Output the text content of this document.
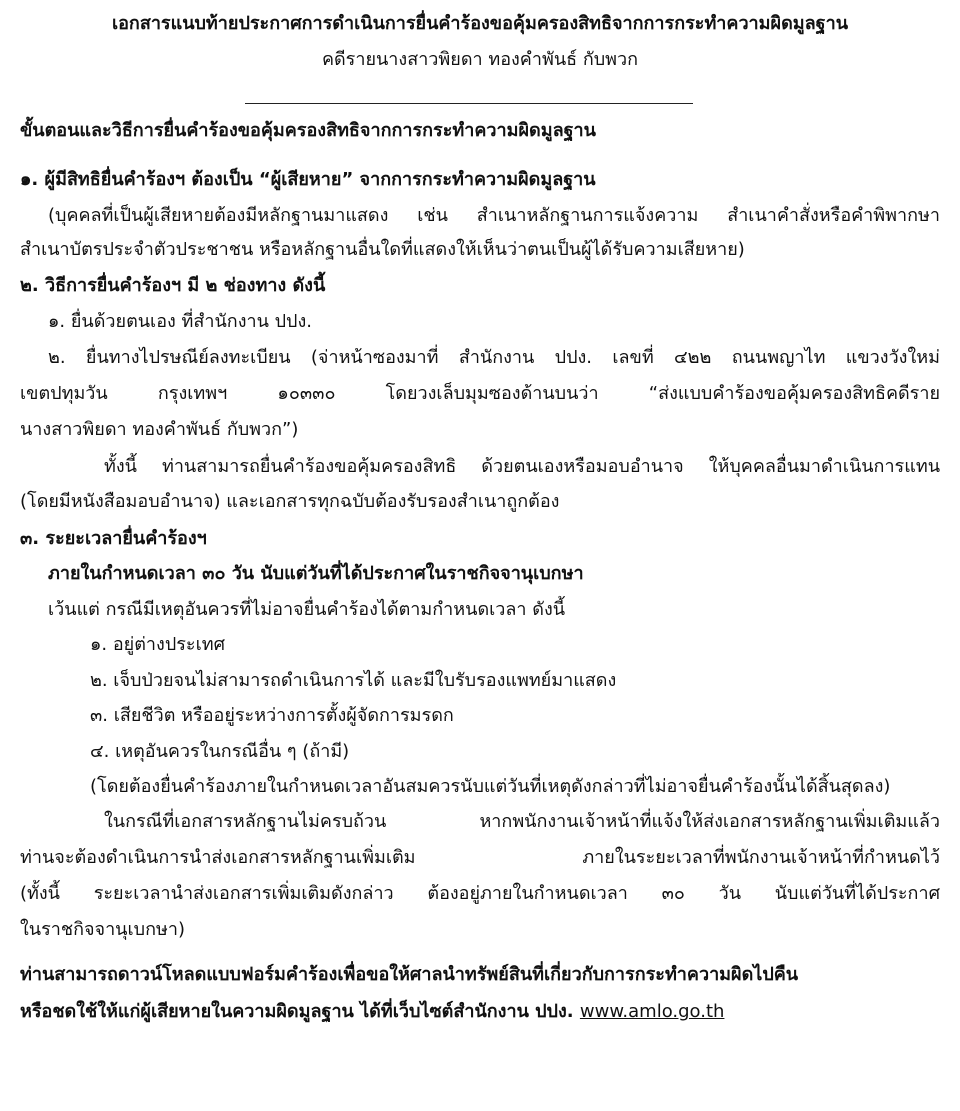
เอกสารแนบท้ายประกาศการดำเนินการยื่นคำร้องขอคุ้มครองสิทธิจากการกระทำความผิดมูลฐาน
คดีรายนางสาวพิยดา ทองคำพันธ์ กับพวก
ขั้นตอนและวิธีการยื่นคำร้องขอคุ้มครองสิทธิจากการกระทำความผิดมูลฐาน
๑. ผู้มีสิทธิยื่นคำร้องฯ ต้องเป็น “ผู้เสียหาย” จากการกระทำความผิดมูลฐาน
(บุคคลที่เป็นผู้เสียหายต้องมีหลักฐานมาแสดง เช่น สำเนาหลักฐานการแจ้งความ สำเนาคำสั่งหรือคำพิพากษา
สำเนาบัตรประจำตัวประชาชน หรือหลักฐานอื่นใดที่แสดงให้เห็นว่าตนเป็นผู้ได้รับความเสียหาย)
๒. วิธีการยื่นคำร้องฯ มี ๒ ช่องทาง ดังนี้
๑. ยื่นด้วยตนเอง ที่สำนักงาน ปปง.
๒. ยื่นทางไปรษณีย์ลงทะเบียน (จ่าหน้าซองมาที่ สำนักงาน ปปง. เลขที่ ๔๒๒ ถนนพญาไท แขวงวังใหม่
เขตปทุมวัน กรุงเทพฯ ๑๐๓๓๐ โดยวงเล็บมุมซองด้านบนว่า “ส่งแบบคำร้องขอคุ้มครองสิทธิคดีราย
นางสาวพิยดา ทองคำพันธ์ กับพวก”)
ทั้งนี้ ท่านสามารถยื่นคำร้องขอคุ้มครองสิทธิ ด้วยตนเองหรือมอบอำนาจ ให้บุคคลอื่นมาดำเนินการแทน
(โดยมีหนังสือมอบอำนาจ) และเอกสารทุกฉบับต้องรับรองสำเนาถูกต้อง
๓. ระยะเวลายื่นคำร้องฯ
ภายในกำหนดเวลา ๓๐ วัน นับแต่วันที่ได้ประกาศในราชกิจจานุเบกษา
เว้นแต่ กรณีมีเหตุอันควรที่ไม่อาจยื่นคำร้องได้ตามกำหนดเวลา ดังนี้
๑. อยู่ต่างประเทศ
๒. เจ็บป่วยจนไม่สามารถดำเนินการได้ และมีใบรับรองแพทย์มาแสดง
๓. เสียชีวิต หรืออยู่ระหว่างการตั้งผู้จัดการมรดก
๔. เหตุอันควรในกรณีอื่น ๆ (ถ้ามี)
(โดยต้องยื่นคำร้องภายในกำหนดเวลาอันสมควรนับแต่วันที่เหตุดังกล่าวที่ไม่อาจยื่นคำร้องนั้นได้สิ้นสุดลง)
ในกรณีที่เอกสารหลักฐานไม่ครบถ้วน หากพนักงานเจ้าหน้าที่แจ้งให้ส่งเอกสารหลักฐานเพิ่มเติมแล้ว
ท่านจะต้องดำเนินการนำส่งเอกสารหลักฐานเพิ่มเติม ภายในระยะเวลาที่พนักงานเจ้าหน้าที่กำหนดไว้
(ทั้งนี้ ระยะเวลานำส่งเอกสารเพิ่มเติมดังกล่าว ต้องอยู่ภายในกำหนดเวลา ๓๐ วัน นับแต่วันที่ได้ประกาศ
ในราชกิจจานุเบกษา)
ท่านสามารถดาวน์โหลดแบบฟอร์มคำร้องเพื่อขอให้ศาลนำทรัพย์สินที่เกี่ยวกับการกระทำความผิดไปคืน
หรือชดใช้ให้แก่ผู้เสียหายในความผิดมูลฐาน ได้ที่เว็บไซต์สำนักงาน ปปง. www.amlo.go.th
